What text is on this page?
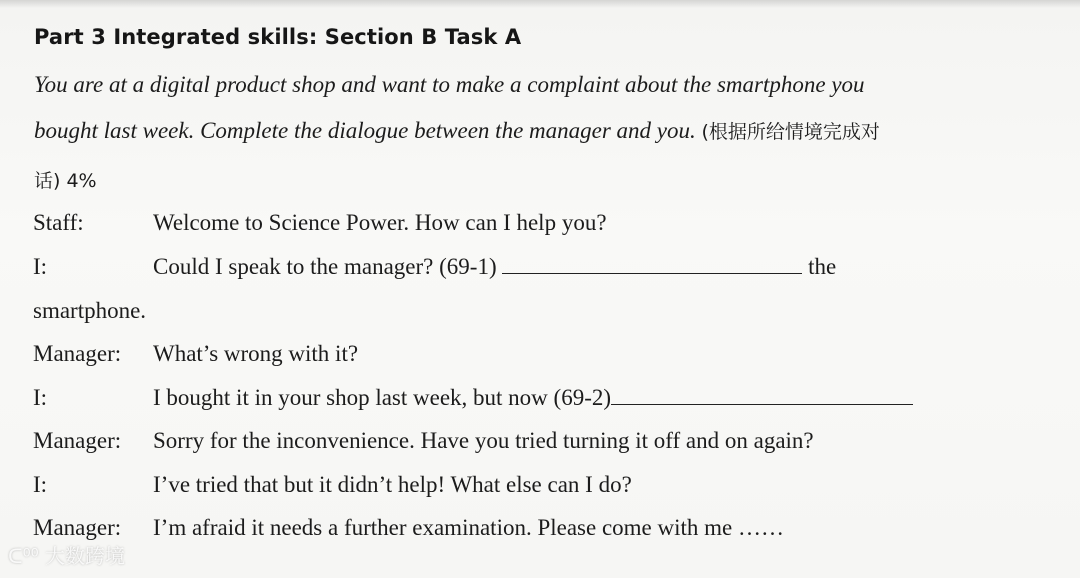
Part 3 Integrated skills: Section B Task A
You are at a digital product shop and want to make a complaint about the smartphone you
bought last week. Complete the dialogue between the manager and you. (根据所给情境完成对
话) 4%
Staff:	Welcome to Science Power. How can I help you?
I:	Could I speak to the manager? (69-1)	the
smartphone.
Manager: What’s wrong with it?
I:	I bought it in your shop last week, but now (69-2)
Manager: Sorry for the inconvenience. Have you tried turning it off and on again?
I:	I’ve tried that but it didn’t help! What else can I do?
Manager: I’m afraid it needs a further examination. Please come with me ……
ᑕ⁰⁰ 大数跨境
